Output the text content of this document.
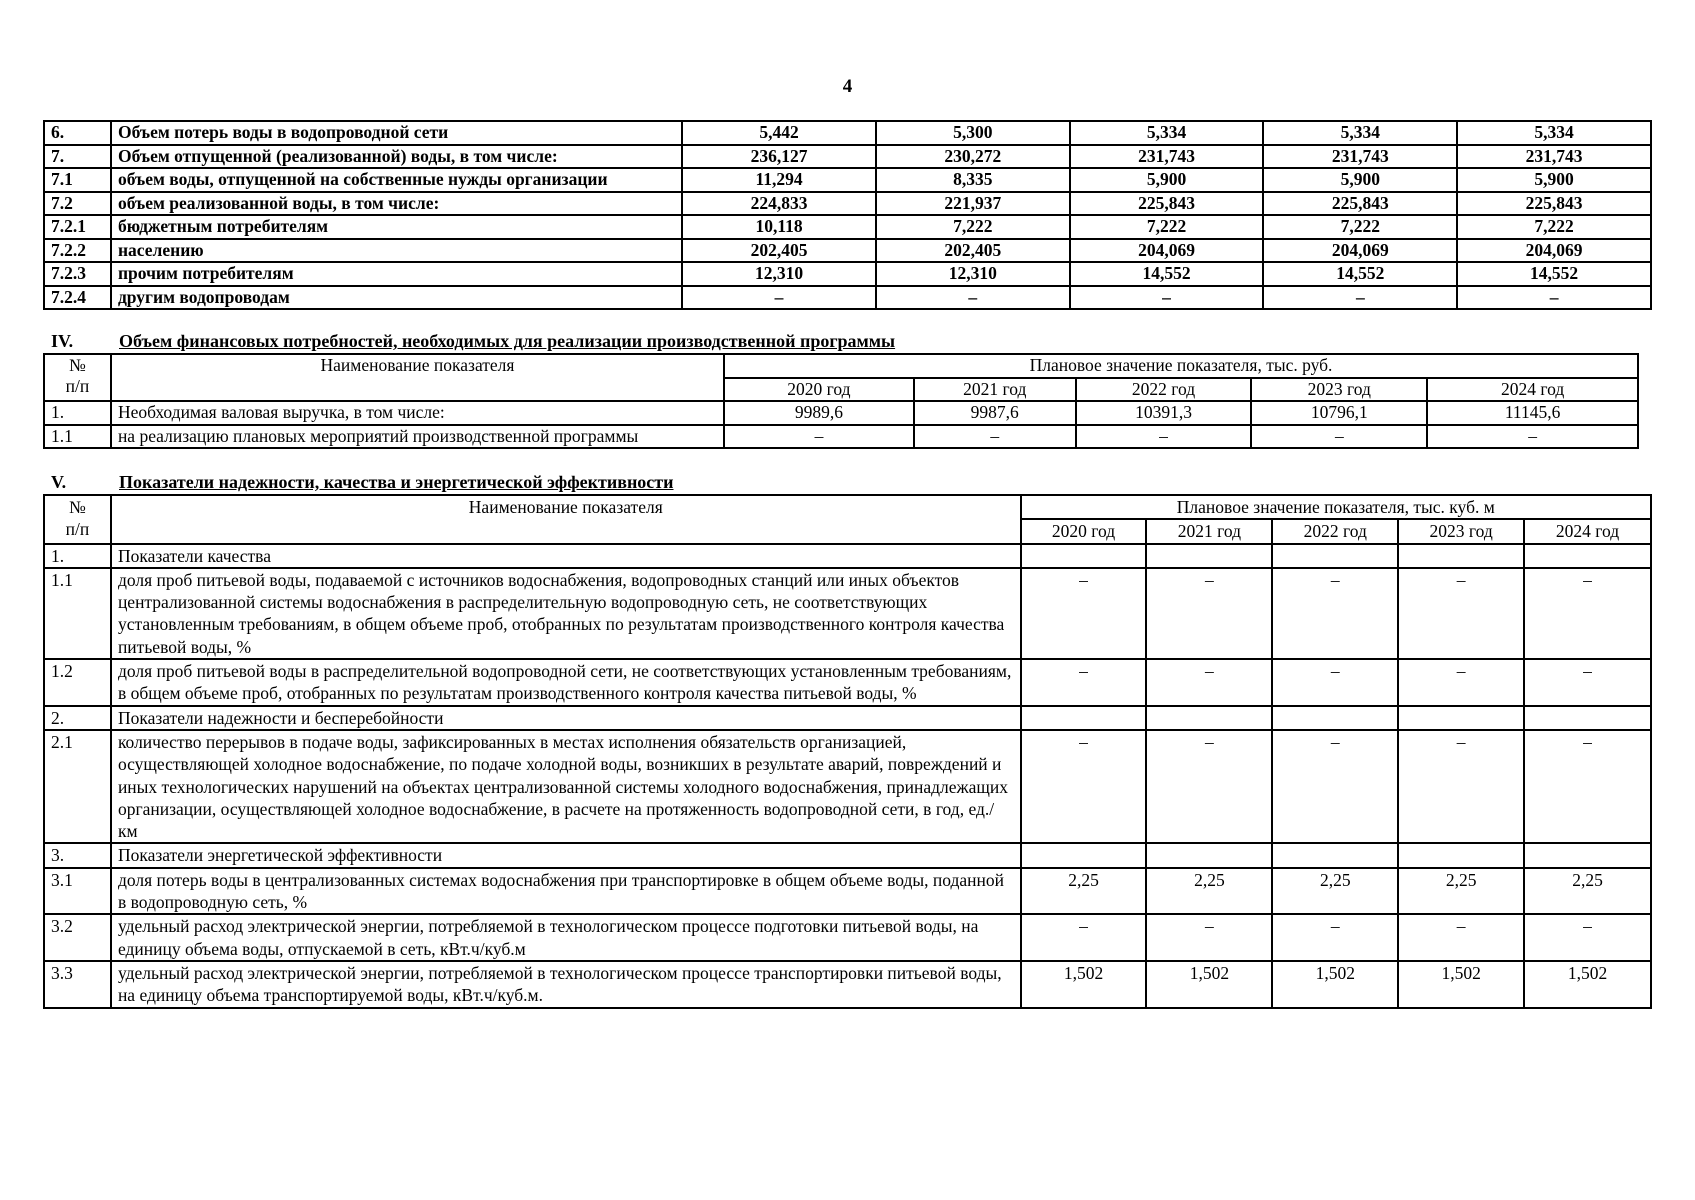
4
6.	Объем потерь воды в водопроводной сети	5,442	5,300	5,334	5,334	5,334
7.	Объем отпущенной (реализованной) воды, в том числе:	236,127	230,272	231,743	231,743	231,743
7.1	объем воды, отпущенной на собственные нужды организации	11,294	8,335	5,900	5,900	5,900
7.2	объем реализованной воды, в том числе:	224,833	221,937	225,843	225,843	225,843
7.2.1	бюджетным потребителям	10,118	7,222	7,222	7,222	7,222
7.2.2	населению	202,405	202,405	204,069	204,069	204,069
7.2.3	прочим потребителям	12,310	12,310	14,552	14,552	14,552
7.2.4	другим водопроводам	–	–	–	–	–
IV.	Объем финансовых потребностей, необходимых для реализации производственной программы
№
п/п	Наименование показателя	Плановое значение показателя, тыс. руб.				
		2020 год	2021 год	2022 год	2023 год	2024 год
1.	Необходимая валовая выручка, в том числе:	9989,6	9987,6	10391,3	10796,1	11145,6
1.1	на реализацию плановых мероприятий производственной программы	–	–	–	–	–
V.	Показатели надежности, качества и энергетической эффективности
№
п/п	Наименование показателя	Плановое значение показателя, тыс. куб. м				
		2020 год	2021 год	2022 год	2023 год	2024 год
1.	Показатели качества					
1.1	доля проб питьевой воды, подаваемой с источников водоснабжения, водопроводных станций или иных объектов централизованной системы водоснабжения в распределительную водопроводную сеть, не соответствующих установленным требованиям, в общем объеме проб, отобранных по результатам производственного контроля качества питьевой воды, %	–	–	–	–	–
1.2	доля проб питьевой воды в распределительной водопроводной сети, не соответствующих установленным требованиям, в общем объеме проб, отобранных по результатам производственного контроля качества питьевой воды, %	–	–	–	–	–
2.	Показатели надежности и бесперебойности					
2.1	количество перерывов в подаче воды, зафиксированных в местах исполнения обязательств организацией, осуществляющей холодное водоснабжение, по подаче холодной воды, возникших в результате аварий, повреждений и иных технологических нарушений на объектах централизованной системы холодного водоснабжения, принадлежащих организации, осуществляющей холодное водоснабжение, в расчете на протяженность водопроводной сети, в год, ед./км	–	–	–	–	–
3.	Показатели энергетической эффективности					
3.1	доля потерь воды в централизованных системах водоснабжения при транспортировке в общем объеме воды, поданной в водопроводную сеть, %	2,25	2,25	2,25	2,25	2,25
3.2	удельный расход электрической энергии, потребляемой в технологическом процессе подготовки питьевой воды, на единицу объема воды, отпускаемой в сеть, кВт.ч/куб.м	–	–	–	–	–
3.3	удельный расход электрической энергии, потребляемой в технологическом процессе транспортировки питьевой воды, на единицу объема транспортируемой воды, кВт.ч/куб.м.	1,502	1,502	1,502	1,502	1,502
